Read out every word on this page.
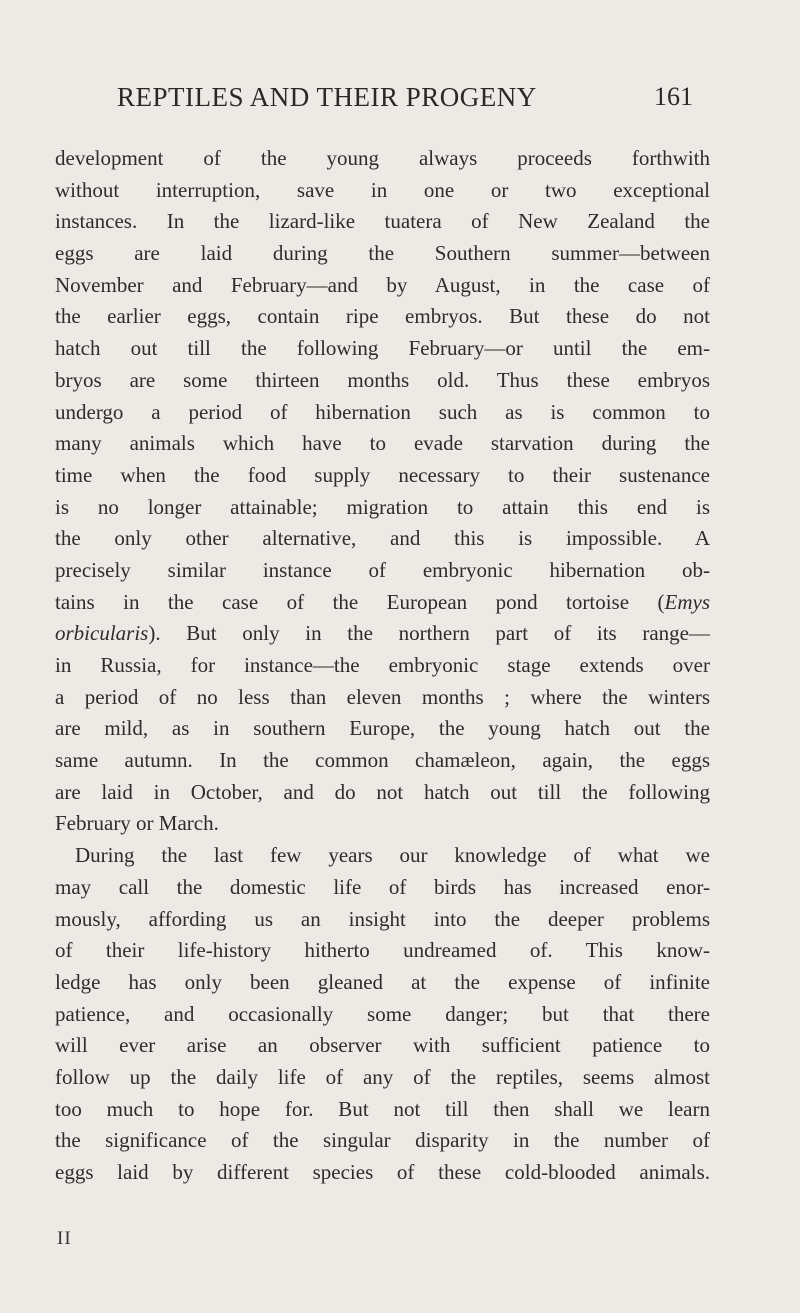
REPTILES AND THEIR PROGENY	161
development of the young always proceeds forthwith
without interruption, save in one or two exceptional
instances. In the lizard-like tuatera of New Zealand the
eggs are laid during the Southern summer—between
November and February—and by August, in the case of
the earlier eggs, contain ripe embryos. But these do not
hatch out till the following February—or until the em-
bryos are some thirteen months old. Thus these embryos
undergo a period of hibernation such as is common to
many animals which have to evade starvation during the
time when the food supply necessary to their sustenance
is no longer attainable; migration to attain this end is
the only other alternative, and this is impossible. A
precisely similar instance of embryonic hibernation ob-
tains in the case of the European pond tortoise (Emys
orbicularis). But only in the northern part of its range—
in Russia, for instance—the embryonic stage extends over
a period of no less than eleven months ; where the winters
are mild, as in southern Europe, the young hatch out the
same autumn. In the common chamæleon, again, the eggs
are laid in October, and do not hatch out till the following
February or March.
During the last few years our knowledge of what we
may call the domestic life of birds has increased enor-
mously, affording us an insight into the deeper problems
of their life-history hitherto undreamed of. This know-
ledge has only been gleaned at the expense of infinite
patience, and occasionally some danger; but that there
will ever arise an observer with sufficient patience to
follow up the daily life of any of the reptiles, seems almost
too much to hope for. But not till then shall we learn
the significance of the singular disparity in the number of
eggs laid by different species of these cold-blooded animals.
II
